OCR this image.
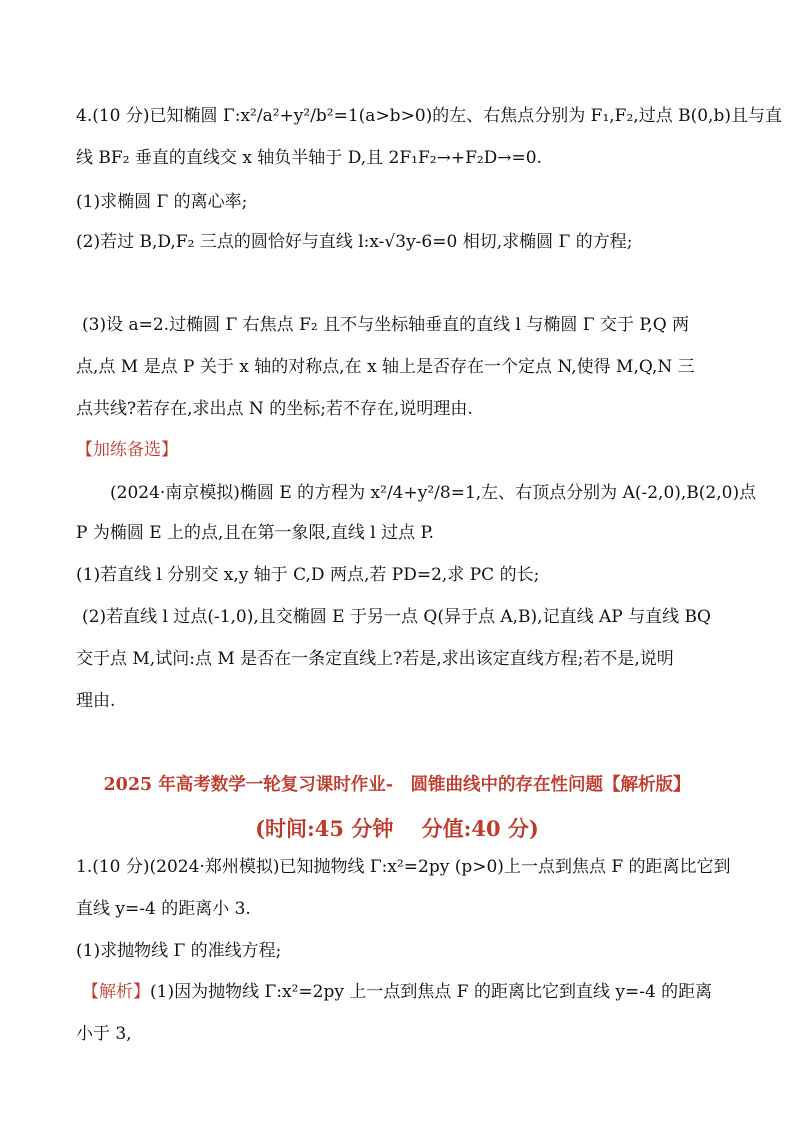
4.(10 分)已知椭圆 Γ:x²/a²+y²/b²=1(a>b>0)的左、右焦点分别为 F₁,F₂,过点 B(0,b)且与直
线 BF₂ 垂直的直线交 x 轴负半轴于 D,且 2F₁F₂→+F₂D→=0.
(1)求椭圆 Γ 的离心率;
(2)若过 B,D,F₂ 三点的圆恰好与直线 l:x-√3y-6=0 相切,求椭圆 Γ 的方程;
(3)设 a=2.过椭圆 Γ 右焦点 F₂ 且不与坐标轴垂直的直线 l 与椭圆 Γ 交于 P,Q 两
点,点 M 是点 P 关于 x 轴的对称点,在 x 轴上是否存在一个定点 N,使得 M,Q,N 三
点共线?若存在,求出点 N 的坐标;若不存在,说明理由.
【加练备选】
(2024·南京模拟)椭圆 E 的方程为 x²/4+y²/8=1,左、右顶点分别为 A(-2,0),B(2,0)点
P 为椭圆 E 上的点,且在第一象限,直线 l 过点 P.
(1)若直线 l 分别交 x,y 轴于 C,D 两点,若 PD=2,求 PC 的长;
(2)若直线 l 过点(-1,0),且交椭圆 E 于另一点 Q(异于点 A,B),记直线 AP 与直线 BQ
交于点 M,试问:点 M 是否在一条定直线上?若是,求出该定直线方程;若不是,说明
理由.
2025 年高考数学一轮复习课时作业-　圆锥曲线中的存在性问题【解析版】
(时间:45 分钟　 分值:40 分)
1.(10 分)(2024·郑州模拟)已知抛物线 Γ:x²=2py (p>0)上一点到焦点 F 的距离比它到
直线 y=-4 的距离小 3.
(1)求抛物线 Γ 的准线方程;
【解析】(1)因为抛物线 Γ:x²=2py 上一点到焦点 F 的距离比它到直线 y=-4 的距离
小于 3,
